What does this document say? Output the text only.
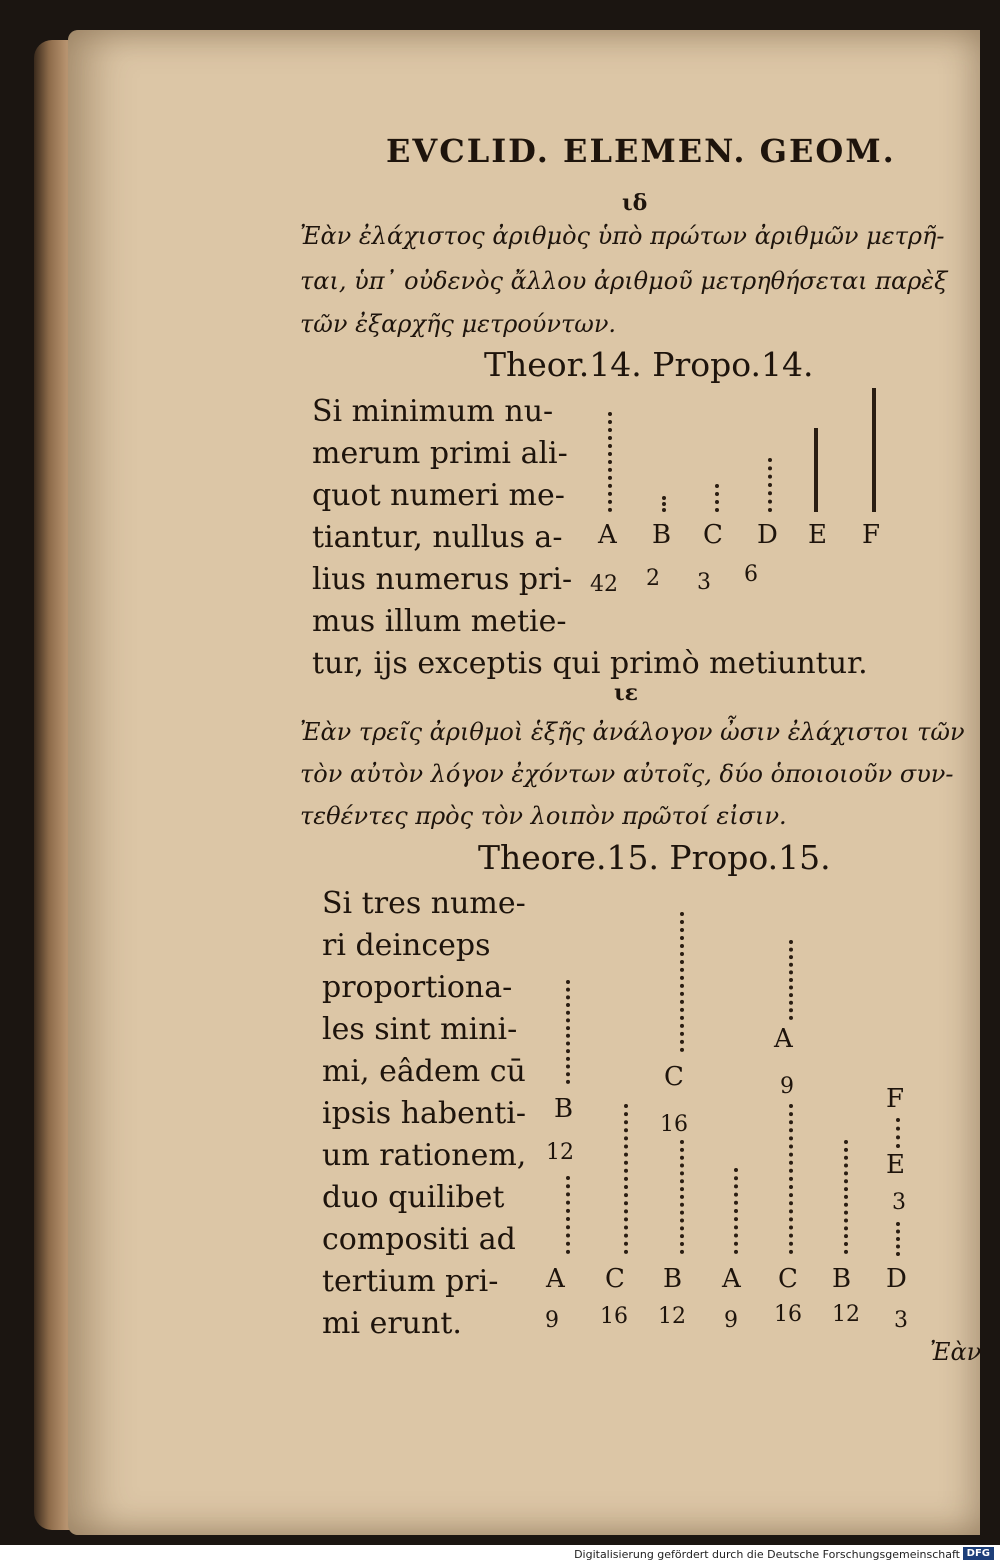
EVCLID. ELEMEN. GEOM.
ιδ
Ἐὰν ἐλάχιστος ἀριθμὸς ὑπὸ πρώτων ἀριθμῶν μετρῆ-
ται, ὑπ᾽ οὐδενὸς ἄλλου ἀριθμοῦ μετρηθήσεται παρὲξ
τῶν ἐξαρχῆς μετρούντων.
Theor.14. Propo.14.
Si minimum nu-
merum primi ali-
quot numeri me-
tiantur, nullus a-
lius numerus pri-
mus illum metie-
tur, ijs exceptis qui primò metiuntur.
A B C D E F
42 2 3 6
ιε
Ἐὰν τρεῖς ἀριθμοὶ ἑξῆς ἀνάλογον ὦσιν ἐλάχιστοι τῶν
τὸν αὐτὸν λόγον ἐχόντων αὐτοῖς, δύο ὁποιοιοῦν συν-
τεθέντες πρὸς τὸν λοιπὸν πρῶτοί εἰσιν.
Theore.15. Propo.15.
Si tres nume-
ri deinceps
proportiona-
les sint mini-
mi, eâdem cū
ipsis habenti-
um rationem,
duo quilibet
compositi ad
tertium pri-
mi erunt.
B
12
C
16
A
9	F
E
3
A C B A C B D
9 16 12 9 16 12 3
Ἐὰν
Digitalisierung gefördert durch die Deutsche Forschungsgemeinschaft DFG
